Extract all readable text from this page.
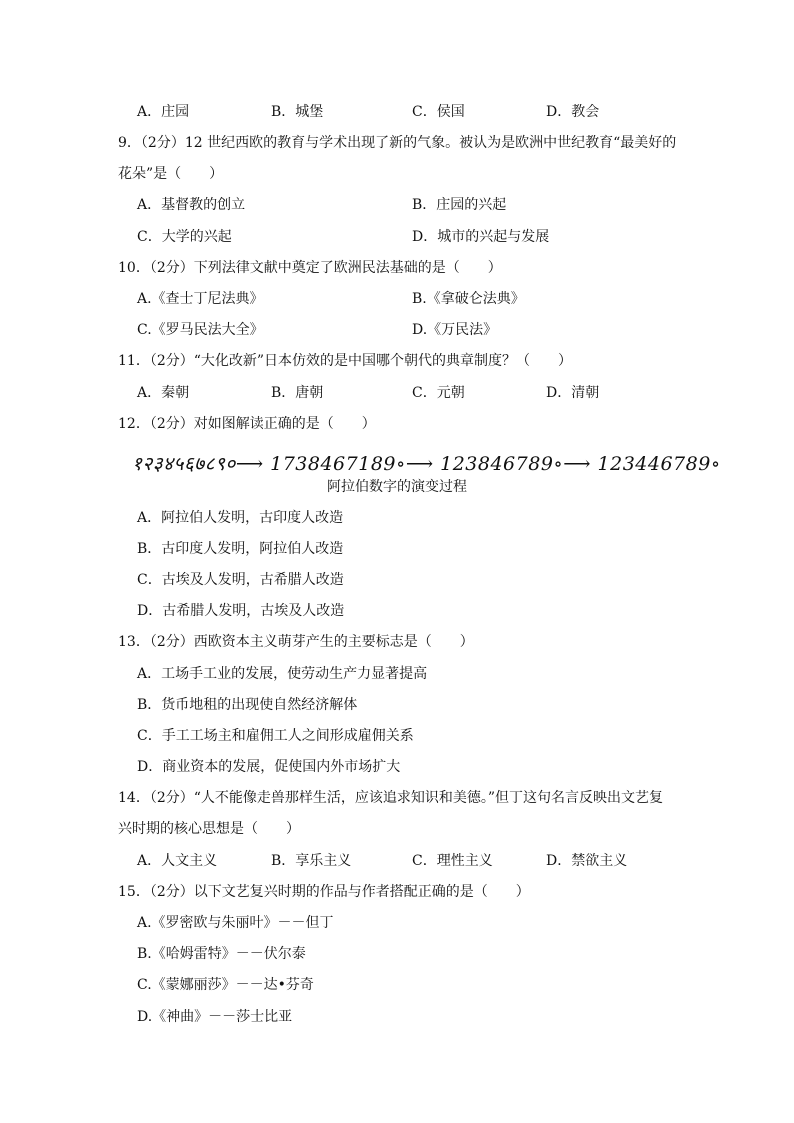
A．庄园	B．城堡	C．侯国	D．教会
9．（2分）12 世纪西欧的教育与学术出现了新的气象。被认为是欧洲中世纪教育“最美好的
花朵”是（　　）
A．基督教的创立	B．庄园的兴起
C．大学的兴起	D．城市的兴起与发展
10．（2分）下列法律文献中奠定了欧洲民法基础的是（　　）
A.《查士丁尼法典》	B.《拿破仑法典》
C.《罗马民法大全》	D.《万民法》
11．（2分）“大化改新”日本仿效的是中国哪个朝代的典章制度？（　　）
A．秦朝	B．唐朝	C．元朝	D．清朝
12．（2分）对如图解读正确的是（　　）
१२३४५६७८९०⟶ 1738467189∘⟶ 123846789∘⟶ 123446789∘
阿拉伯数字的演变过程
A．阿拉伯人发明，古印度人改造
B．古印度人发明，阿拉伯人改造
C．古埃及人发明，古希腊人改造
D．古希腊人发明，古埃及人改造
13．（2分）西欧资本主义萌芽产生的主要标志是（　　）
A．工场手工业的发展，使劳动生产力显著提高
B．货币地租的出现使自然经济解体
C．手工工场主和雇佣工人之间形成雇佣关系
D．商业资本的发展，促使国内外市场扩大
14．（2分）“人不能像走兽那样生活，应该追求知识和美德。”但丁这句名言反映出文艺复
兴时期的核心思想是（　　）
A．人文主义	B．享乐主义	C．理性主义	D．禁欲主义
15．（2分）以下文艺复兴时期的作品与作者搭配正确的是（　　）
A.《罗密欧与朱丽叶》－－但丁
B.《哈姆雷特》－－伏尔泰
C.《蒙娜丽莎》－－达•芬奇
D.《神曲》－－莎士比亚
